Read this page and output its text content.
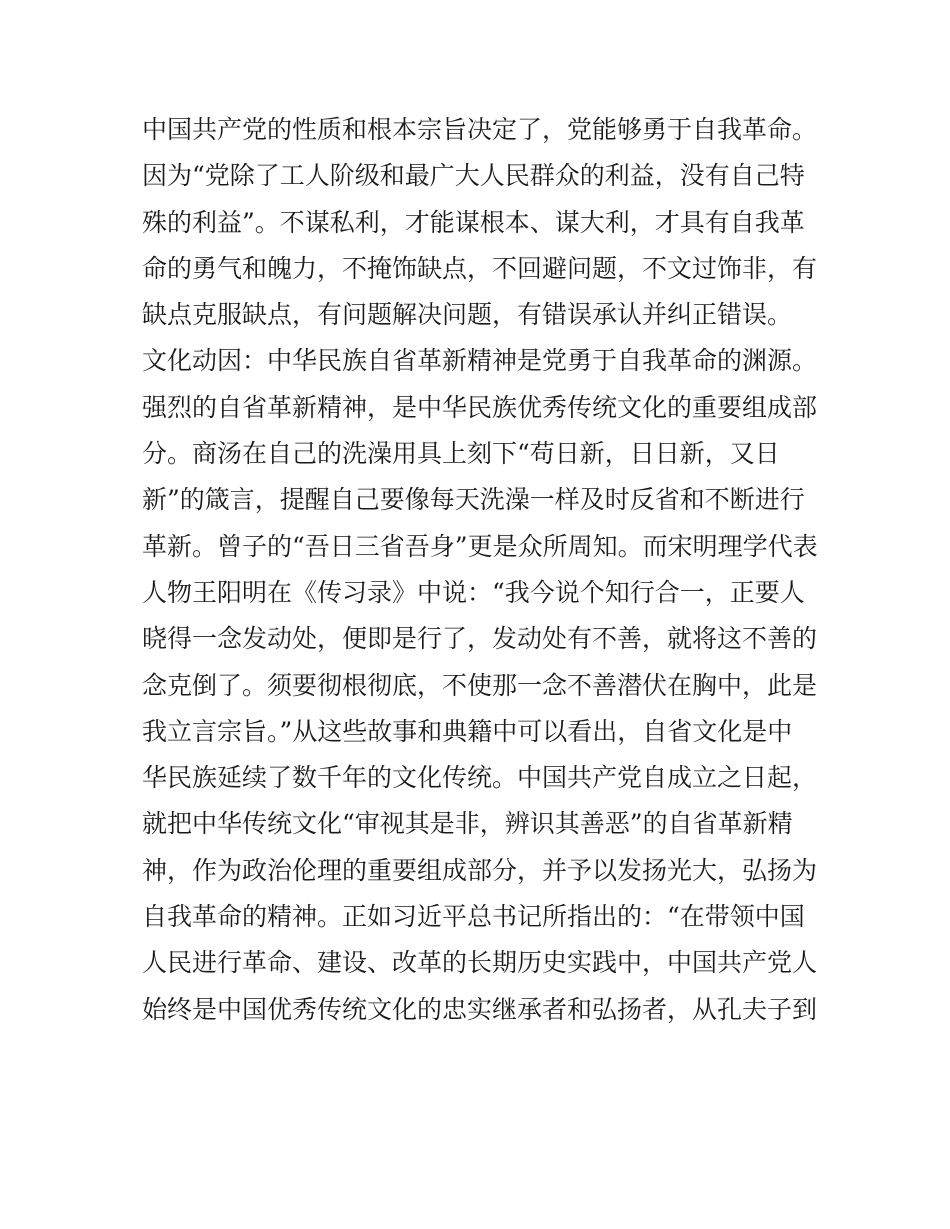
中国共产党的性质和根本宗旨决定了，党能够勇于自我革命。
因为“党除了工人阶级和最广大人民群众的利益，没有自己特
殊的利益”。不谋私利，才能谋根本、谋大利，才具有自我革
命的勇气和魄力，不掩饰缺点，不回避问题，不文过饰非，有
缺点克服缺点，有问题解决问题，有错误承认并纠正错误。
文化动因：中华民族自省革新精神是党勇于自我革命的渊源。
强烈的自省革新精神，是中华民族优秀传统文化的重要组成部
分。商汤在自己的洗澡用具上刻下“苟日新，日日新，又日
新”的箴言，提醒自己要像每天洗澡一样及时反省和不断进行
革新。曾子的“吾日三省吾身”更是众所周知。而宋明理学代表
人物王阳明在《传习录》中说：“我今说个知行合一，正要人
晓得一念发动处，便即是行了，发动处有不善，就将这不善的
念克倒了。须要彻根彻底，不使那一念不善潜伏在胸中，此是
我立言宗旨。”从这些故事和典籍中可以看出，自省文化是中
华民族延续了数千年的文化传统。中国共产党自成立之日起，
就把中华传统文化“审视其是非，辨识其善恶”的自省革新精
神，作为政治伦理的重要组成部分，并予以发扬光大，弘扬为
自我革命的精神。正如习近平总书记所指出的：“在带领中国
人民进行革命、建设、改革的长期历史实践中，中国共产党人
始终是中国优秀传统文化的忠实继承者和弘扬者，从孔夫子到
